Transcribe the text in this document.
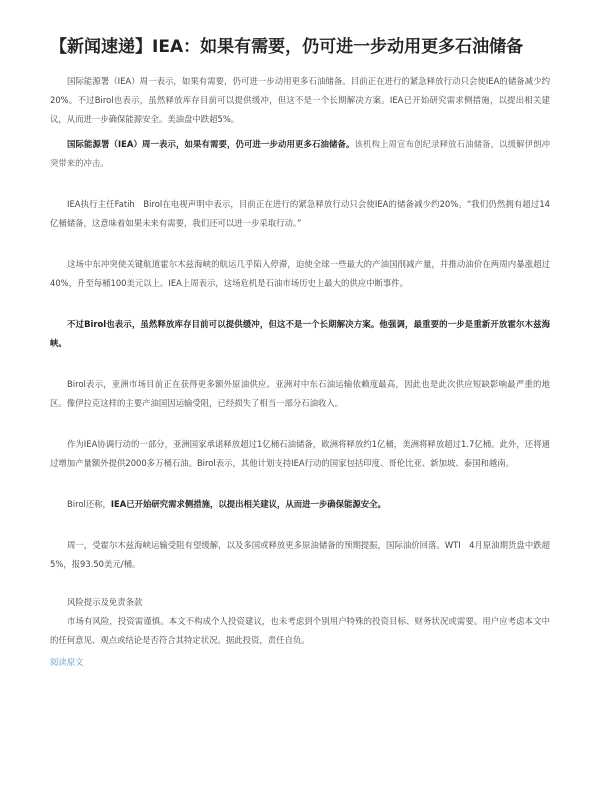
【新闻速递】IEA：如果有需要，仍可进一步动用更多石油储备

国际能源署（IEA）周一表示，如果有需要，仍可进一步动用更多石油储备。目前正在进行的紧急释放行动只会使IEA的储备减少约20%。不过Birol也表示，虽然释放库存目前可以提供缓冲，但这不是一个长期解决方案。IEA已开始研究需求侧措施，以提出相关建议，从而进一步确保能源安全。美油盘中跌超5%。

国际能源署（IEA）周一表示，如果有需要，仍可进一步动用更多石油储备。该机构上周宣布创纪录释放石油储备，以缓解伊朗冲突带来的冲击。

IEA执行主任Fatih　Birol在电视声明中表示，目前正在进行的紧急释放行动只会使IEA的储备减少约20%。“我们仍然拥有超过14亿桶储备，这意味着如果未来有需要，我们还可以进一步采取行动。”

这场中东冲突使关键航道霍尔木兹海峡的航运几乎陷入停滞，迫使全球一些最大的产油国削减产量，并推动油价在两周内暴涨超过40%，升至每桶100美元以上。IEA上周表示，这场危机是石油市场历史上最大的供应中断事件。

不过Birol也表示，虽然释放库存目前可以提供缓冲，但这不是一个长期解决方案。他强调，最重要的一步是重新开放霍尔木兹海峡。

Birol表示，亚洲市场目前正在获得更多额外原油供应。亚洲对中东石油运输依赖度最高，因此也是此次供应短缺影响最严重的地区。像伊拉克这样的主要产油国因运输受阻，已经损失了相当一部分石油收入。

作为IEA协调行动的一部分，亚洲国家承诺释放超过1亿桶石油储备，欧洲将释放约1亿桶，美洲将释放超过1.7亿桶。此外，还将通过增加产量额外提供2000多万桶石油。Birol表示，其他计划支持IEA行动的国家包括印度、哥伦比亚、新加坡、泰国和越南。

Birol还称，IEA已开始研究需求侧措施，以提出相关建议，从而进一步确保能源安全。

周一，受霍尔木兹海峡运输受阻有望缓解，以及多国或释放更多原油储备的预期提振，国际油价回落。WTI　4月原油期货盘中跌超5%，报93.50美元/桶。

风险提示及免责条款

市场有风险，投资需谨慎。本文不构成个人投资建议，也未考虑到个别用户特殊的投资目标、财务状况或需要。用户应考虑本文中的任何意见、观点或结论是否符合其特定状况。据此投资，责任自负。

阅读原文
